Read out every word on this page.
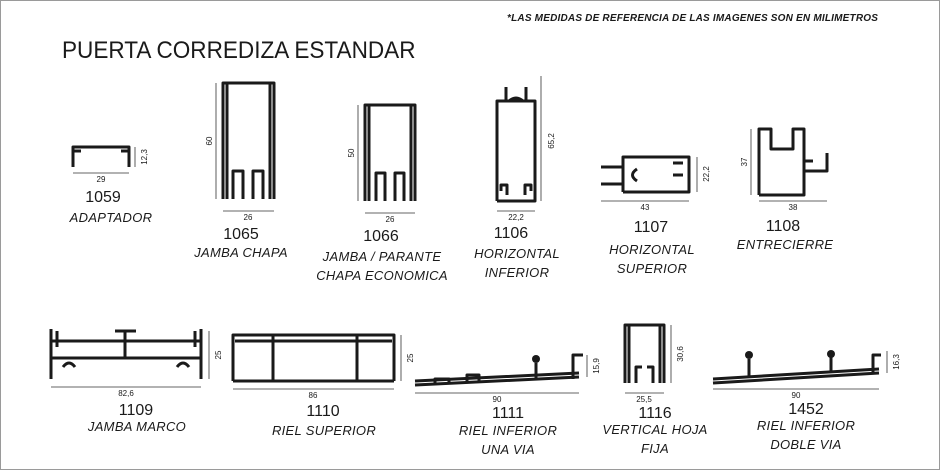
*LAS MEDIDAS DE REFERENCIA DE LAS IMAGENES SON EN MILIMETROS
PUERTA CORREDIZA ESTANDAR
29
12,3
26
60
26
50
22,2
65,2
43
22,2
38
37
82,6
25
86
25
90
15,9
25,5
30,6
90
16,3
1059
ADAPTADOR
1065
JAMBA CHAPA
1066
JAMBA / PARANTE
CHAPA ECONOMICA
1106
HORIZONTAL
INFERIOR
1107
HORIZONTAL
SUPERIOR
1108
ENTRECIERRE
1109
JAMBA MARCO
1110
RIEL SUPERIOR
1111
RIEL INFERIOR
UNA VIA
1116
VERTICAL HOJA
FIJA
1452
RIEL INFERIOR
DOBLE VIA
